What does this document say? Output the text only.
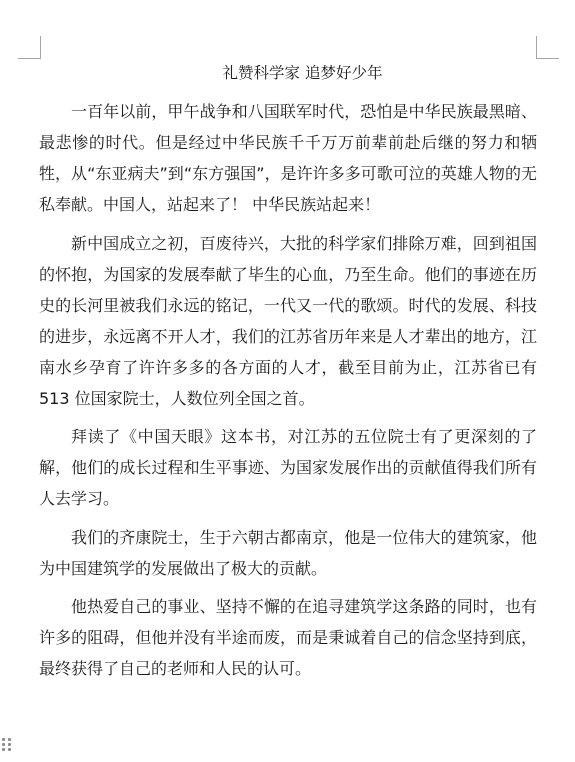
礼赞科学家 追梦好少年

一百年以前，甲午战争和八国联军时代，恐怕是中华民族最黑暗、最悲惨的时代。但是经过中华民族千千万万前辈前赴后继的努力和牺牲，从“东亚病夫”到“东方强国”，是许许多多可歌可泣的英雄人物的无私奉献。中国人，站起来了！ 中华民族站起来！

新中国成立之初，百废待兴，大批的科学家们排除万难，回到祖国的怀抱，为国家的发展奉献了毕生的心血，乃至生命。他们的事迹在历史的长河里被我们永远的铭记，一代又一代的歌颂。时代的发展、科技的进步，永远离不开人才，我们的江苏省历年来是人才辈出的地方，江南水乡孕育了许许多多的各方面的人才，截至目前为止，江苏省已有 513 位国家院士，人数位列全国之首。

拜读了《中国天眼》这本书，对江苏的五位院士有了更深刻的了解，他们的成长过程和生平事迹、为国家发展作出的贡献值得我们所有人去学习。

我们的齐康院士，生于六朝古都南京，他是一位伟大的建筑家，他为中国建筑学的发展做出了极大的贡献。

他热爱自己的事业、坚持不懈的在追寻建筑学这条路的同时，也有许多的阻碍，但他并没有半途而废，而是秉诚着自己的信念坚持到底，最终获得了自己的老师和人民的认可。
